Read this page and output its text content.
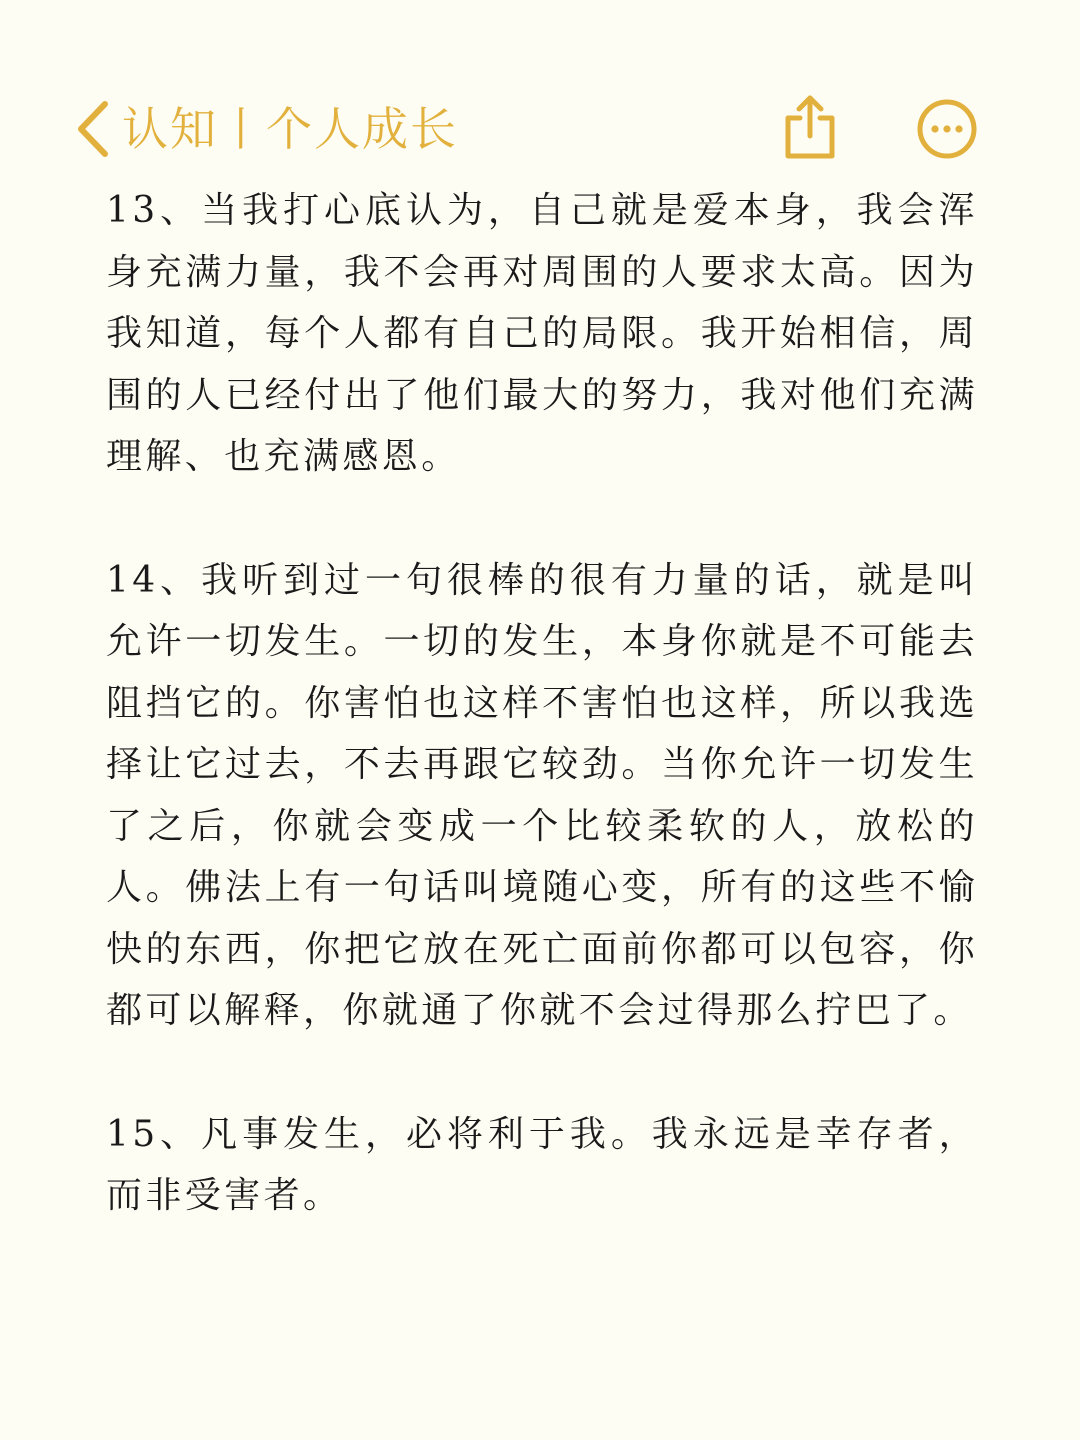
认知丨个人成长

13、当我打心底认为，自己就是爱本身，我会浑身充满力量，我不会再对周围的人要求太高。因为我知道，每个人都有自己的局限。我开始相信，周围的人已经付出了他们最大的努力，我对他们充满理解、也充满感恩。

14、我听到过一句很棒的很有力量的话，就是叫允许一切发生。一切的发生，本身你就是不可能去阻挡它的。你害怕也这样不害怕也这样，所以我选择让它过去，不去再跟它较劲。当你允许一切发生了之后，你就会变成一个比较柔软的人，放松的人。佛法上有一句话叫境随心变，所有的这些不愉快的东西，你把它放在死亡面前你都可以包容，你都可以解释，你就通了你就不会过得那么拧巴了。

15、凡事发生，必将利于我。我永远是幸存者，而非受害者。
